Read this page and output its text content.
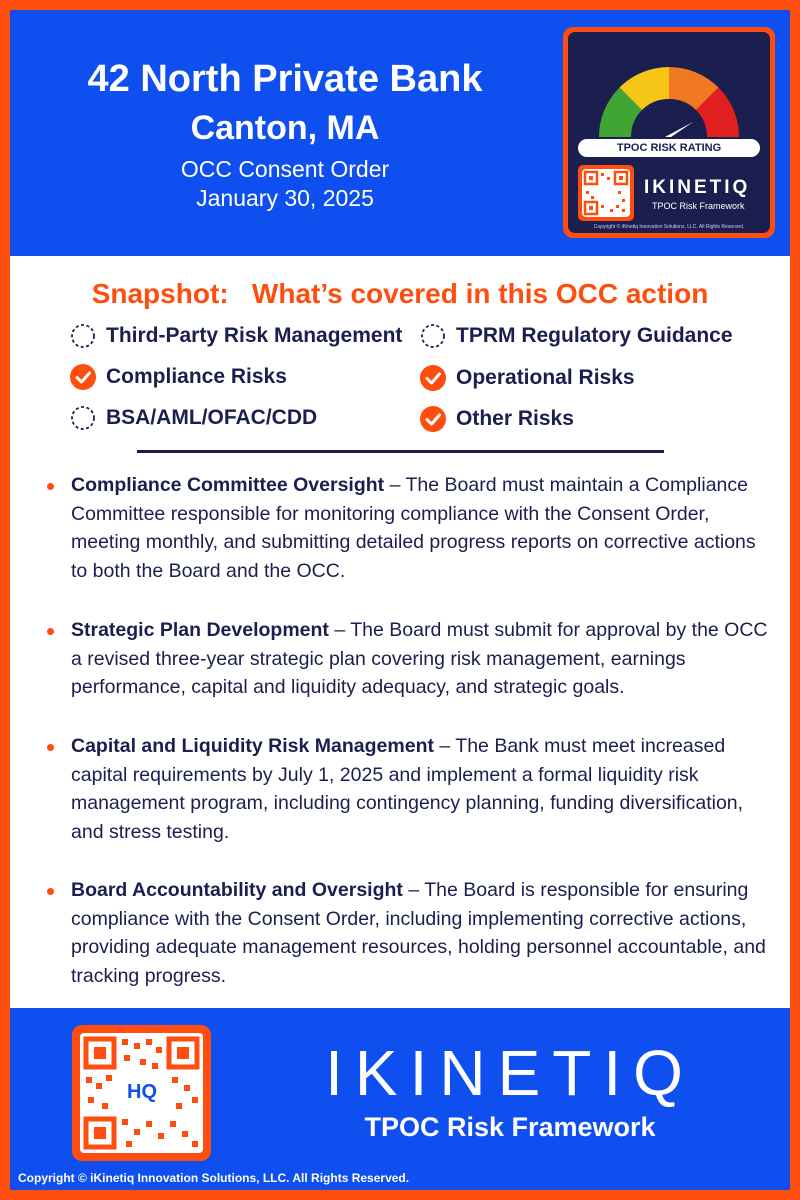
42 North Private Bank
Canton, MA
OCC Consent Order
January 30, 2025
TPOC RISK RATING
IKINETIQ
TPOC Risk Framework
Copyright © iKinetiq Innovation Solutions, LLC. All Rights Reserved.
Snapshot:   What’s covered in this OCC action
Third-Party Risk Management	TPRM Regulatory Guidance
Compliance Risks	Operational Risks
BSA/AML/OFAC/CDD	Other Risks
Compliance Committee Oversight – The Board must maintain a Compliance Committee responsible for monitoring compliance with the Consent Order, meeting monthly, and submitting detailed progress reports on corrective actions to both the Board and the OCC.
Strategic Plan Development – The Board must submit for approval by the OCC a revised three-year strategic plan covering risk management, earnings performance, capital and liquidity adequacy, and strategic goals.
Capital and Liquidity Risk Management – The Bank must meet increased capital requirements by July 1, 2025 and implement a formal liquidity risk management program, including contingency planning, funding diversification, and stress testing.
Board Accountability and Oversight – The Board is responsible for ensuring compliance with the Consent Order, including implementing corrective actions, providing adequate management resources, holding personnel accountable, and tracking progress.
HQ	IKINETIQ
TPOC Risk Framework
Copyright © iKinetiq Innovation Solutions, LLC. All Rights Reserved.
